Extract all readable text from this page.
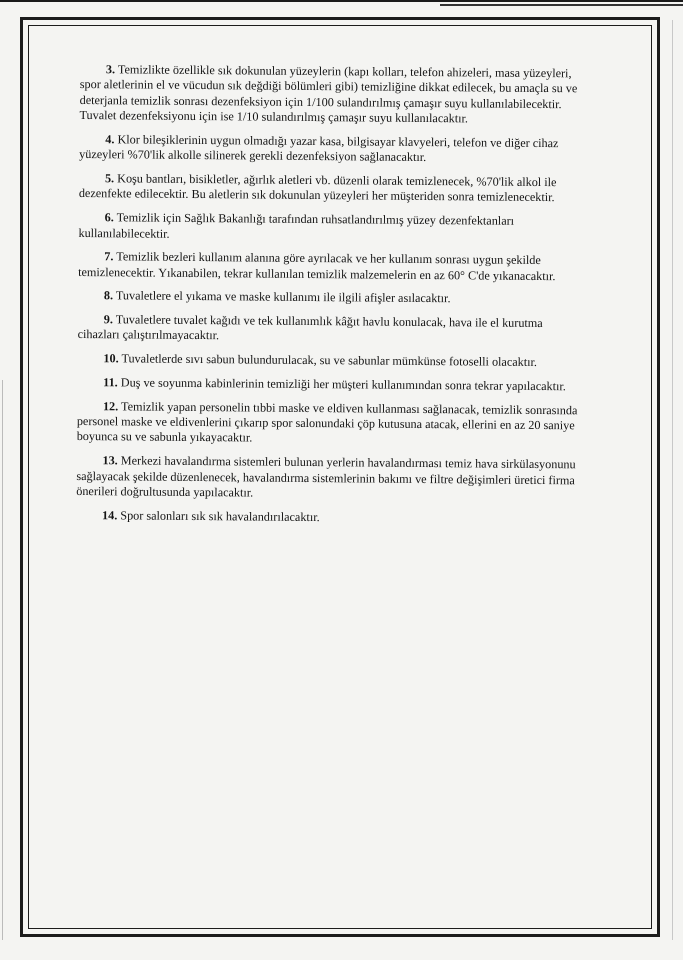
3. Temizlikte özellikle sık dokunulan yüzeylerin (kapı kolları, telefon ahizeleri, masa yüzeyleri,
spor aletlerinin el ve vücudun sık değdiği bölümleri gibi) temizliğine dikkat edilecek, bu amaçla su ve
deterjanla temizlik sonrası dezenfeksiyon için 1/100 sulandırılmış çamaşır suyu kullanılabilecektir.
Tuvalet dezenfeksiyonu için ise 1/10 sulandırılmış çamaşır suyu kullanılacaktır.
4. Klor bileşiklerinin uygun olmadığı yazar kasa, bilgisayar klavyeleri, telefon ve diğer cihaz
yüzeyleri %70'lik alkolle silinerek gerekli dezenfeksiyon sağlanacaktır.
5. Koşu bantları, bisikletler, ağırlık aletleri vb. düzenli olarak temizlenecek, %70'lik alkol ile
dezenfekte edilecektir. Bu aletlerin sık dokunulan yüzeyleri her müşteriden sonra temizlenecektir.
6. Temizlik için Sağlık Bakanlığı tarafından ruhsatlandırılmış yüzey dezenfektanları
kullanılabilecektir.
7. Temizlik bezleri kullanım alanına göre ayrılacak ve her kullanım sonrası uygun şekilde
temizlenecektir. Yıkanabilen, tekrar kullanılan temizlik malzemelerin en az 60° C'de yıkanacaktır.
8. Tuvaletlere el yıkama ve maske kullanımı ile ilgili afişler asılacaktır.
9. Tuvaletlere tuvalet kağıdı ve tek kullanımlık kâğıt havlu konulacak, hava ile el kurutma
cihazları çalıştırılmayacaktır.
10. Tuvaletlerde sıvı sabun bulundurulacak, su ve sabunlar mümkünse fotoselli olacaktır.
11. Duş ve soyunma kabinlerinin temizliği her müşteri kullanımından sonra tekrar yapılacaktır.
12. Temizlik yapan personelin tıbbi maske ve eldiven kullanması sağlanacak, temizlik sonrasında
personel maske ve eldivenlerini çıkarıp spor salonundaki çöp kutusuna atacak, ellerini en az 20 saniye
boyunca su ve sabunla yıkayacaktır.
13. Merkezi havalandırma sistemleri bulunan yerlerin havalandırması temiz hava sirkülasyonunu
sağlayacak şekilde düzenlenecek, havalandırma sistemlerinin bakımı ve filtre değişimleri üretici firma
önerileri doğrultusunda yapılacaktır.
14. Spor salonları sık sık havalandırılacaktır.
